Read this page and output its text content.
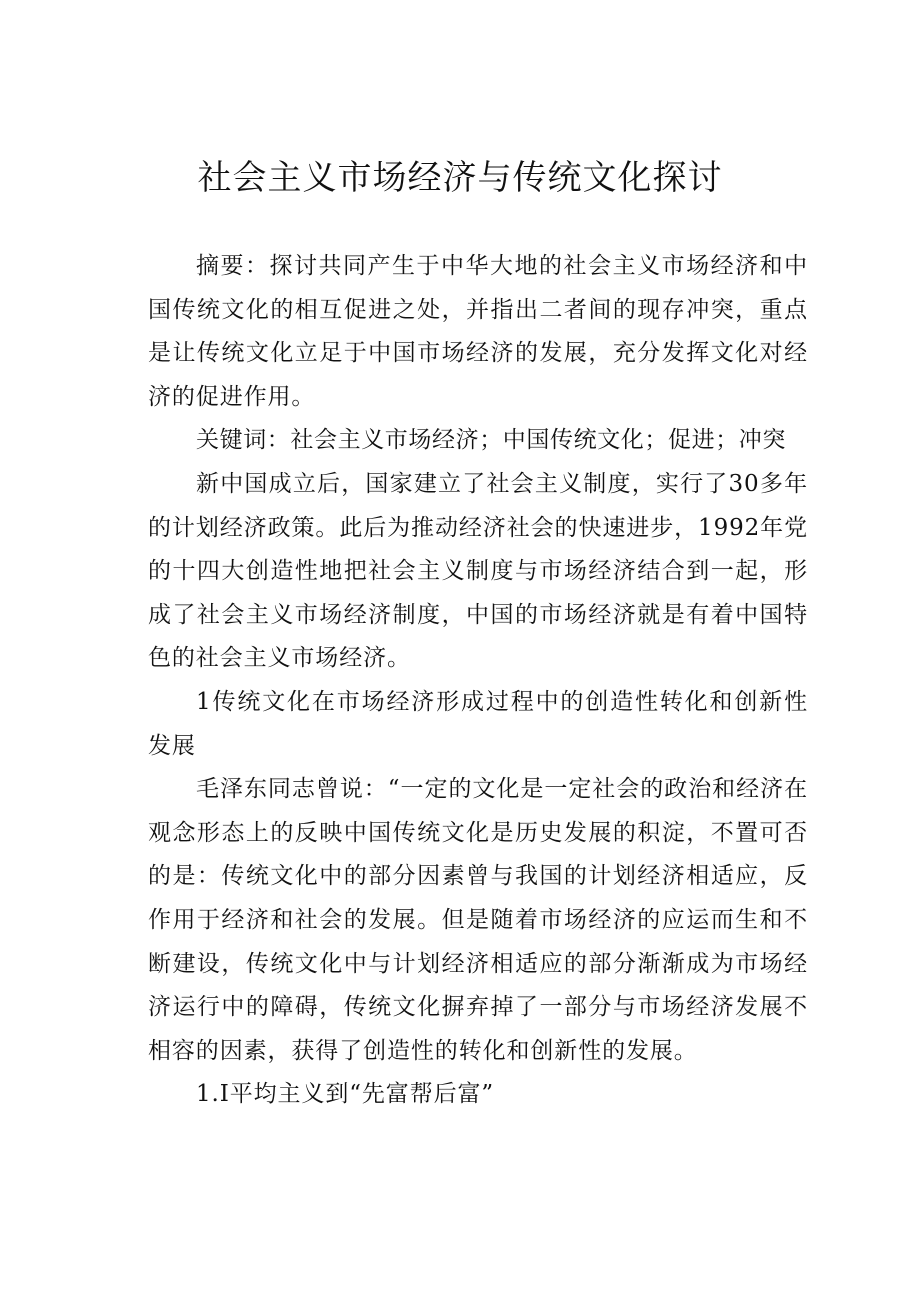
社会主义市场经济与传统文化探讨

摘要：探讨共同产生于中华大地的社会主义市场经济和中国传统文化的相互促进之处，并指出二者间的现存冲突，重点是让传统文化立足于中国市场经济的发展，充分发挥文化对经济的促进作用。

关键词：社会主义市场经济；中国传统文化；促进；冲突

新中国成立后，国家建立了社会主义制度，实行了30多年的计划经济政策。此后为推动经济社会的快速进步，1992年党的十四大创造性地把社会主义制度与市场经济结合到一起，形成了社会主义市场经济制度，中国的市场经济就是有着中国特色的社会主义市场经济。

1传统文化在市场经济形成过程中的创造性转化和创新性发展

毛泽东同志曾说：“一定的文化是一定社会的政治和经济在观念形态上的反映中国传统文化是历史发展的积淀，不置可否的是：传统文化中的部分因素曾与我国的计划经济相适应，反作用于经济和社会的发展。但是随着市场经济的应运而生和不断建设，传统文化中与计划经济相适应的部分渐渐成为市场经济运行中的障碍，传统文化摒弃掉了一部分与市场经济发展不相容的因素，获得了创造性的转化和创新性的发展。

1.I平均主义到“先富帮后富”
